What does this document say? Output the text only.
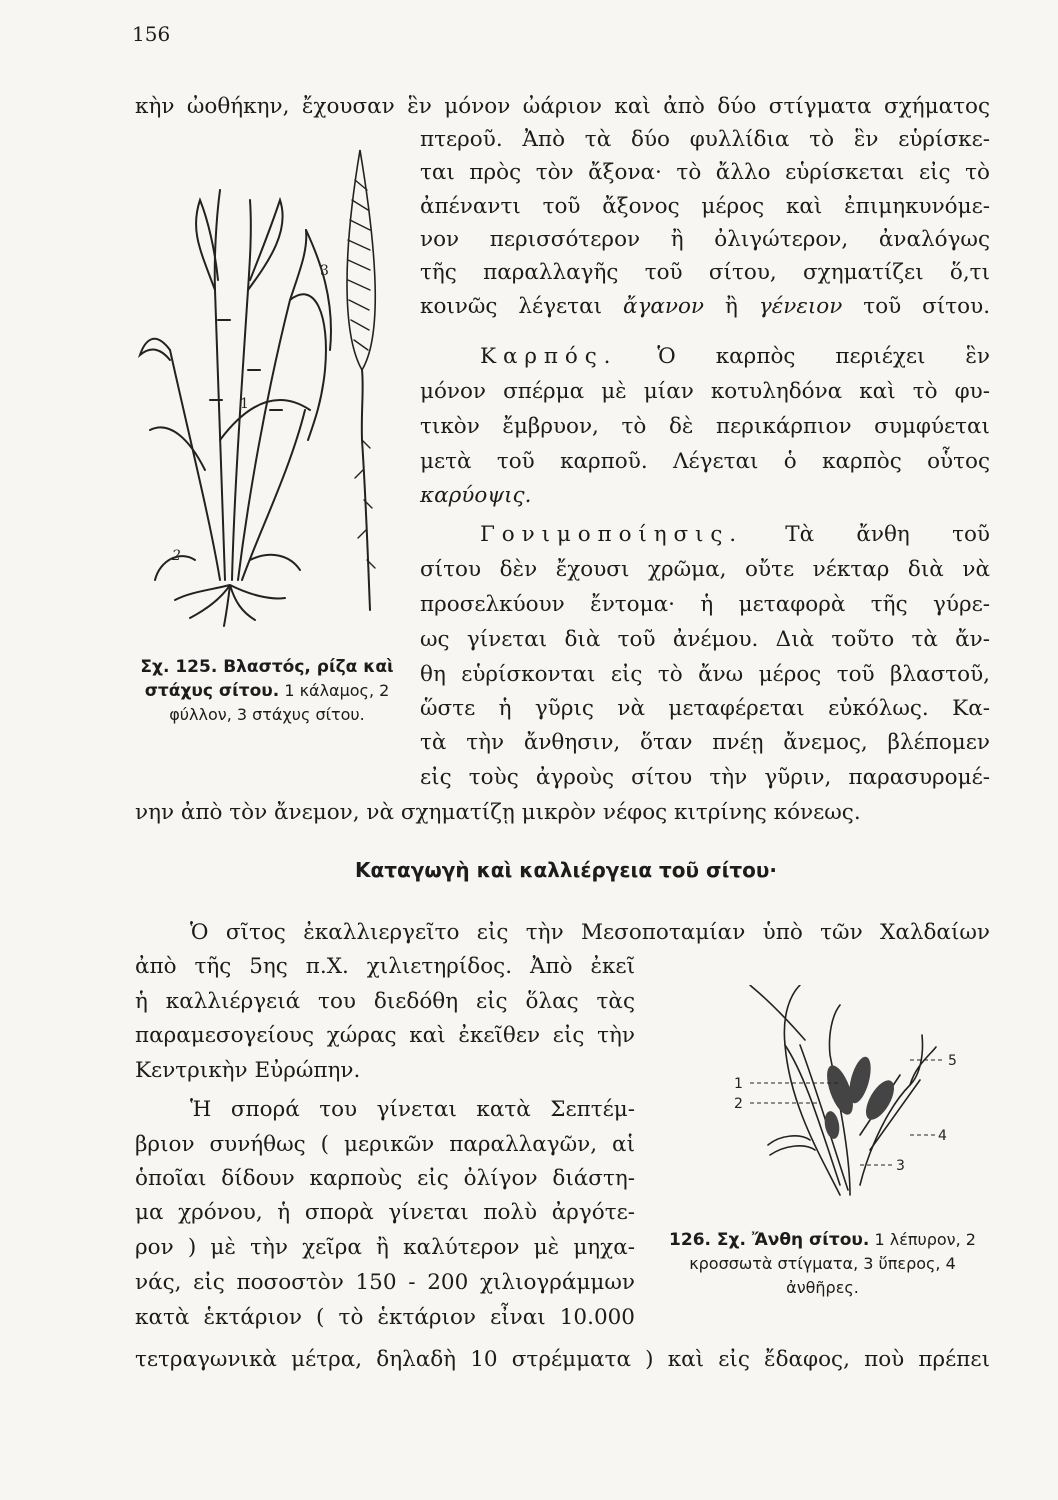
156
κὴν ὠοθήκην, ἔχουσαν ἓν μόνον ὠάριον καὶ ἀπὸ δύο στίγματα σχήματος
πτεροῦ. Ἀπὸ τὰ δύο φυλλίδια τὸ ἓν εὑρίσκε-
ται πρὸς τὸν ἄξονα· τὸ ἄλλο εὑρίσκεται εἰς τὸ
ἀπέναντι τοῦ ἄξονος μέρος καὶ ἐπιμηκυνόμε-
νον περισσότερον ἢ ὀλιγώτερον, ἀναλόγως
τῆς παραλλαγῆς τοῦ σίτου, σχηματίζει ὅ,τι
κοινῶς λέγεται ἄγανον ἢ γένειον τοῦ σίτου.
Καρπός. Ὁ καρπὸς περιέχει ἓν
μόνον σπέρμα μὲ μίαν κοτυληδόνα καὶ τὸ φυ-
τικὸν ἔμβρυον, τὸ δὲ περικάρπιον συμφύεται
μετὰ τοῦ καρποῦ. Λέγεται ὁ καρπὸς οὗτος
καρύοψις.
Γονιμοποίησις. Τὰ ἄνθη τοῦ
σίτου δὲν ἔχουσι χρῶμα, οὔτε νέκταρ διὰ νὰ
προσελκύουν ἔντομα· ἡ μεταφορὰ τῆς γύρε-
ως γίνεται διὰ τοῦ ἀνέμου. Διὰ τοῦτο τὰ ἄν-
θη εὑρίσκονται εἰς τὸ ἄνω μέρος τοῦ βλαστοῦ,
ὥστε ἡ γῦρις νὰ μεταφέρεται εὐκόλως. Κα-
τὰ τὴν ἄνθησιν, ὅταν πνέῃ ἄνεμος, βλέπομεν
εἰς τοὺς ἀγροὺς σίτου τὴν γῦριν, παρασυρομέ-
νην ἀπὸ τὸν ἄνεμον, νὰ σχηματίζῃ μικρὸν νέφος κιτρίνης κόνεως.
Καταγωγὴ καὶ καλλιέργεια τοῦ σίτου·
Ὁ σῖτος ἐκαλλιεργεῖτο εἰς τὴν Μεσοποταμίαν ὑπὸ τῶν Χαλδαίων
ἀπὸ τῆς 5ης π.Χ. χιλιετηρίδος. Ἀπὸ ἐκεῖ
ἡ καλλιέργειά του διεδόθη εἰς ὅλας τὰς
παραμεσογείους χώρας καὶ ἐκεῖθεν εἰς τὴν
Κεντρικὴν Εὐρώπην.
Ἡ σπορά του γίνεται κατὰ Σεπτέμ-
βριον συνήθως ( μερικῶν παραλλαγῶν, αἱ
ὁποῖαι δίδουν καρποὺς εἰς ὀλίγον διάστη-
μα χρόνου, ἡ σπορὰ γίνεται πολὺ ἀργότε-
ρον ) μὲ τὴν χεῖρα ἢ καλύτερον μὲ μηχα-
νάς, εἰς ποσοστὸν 150 - 200 χιλιογράμμων
κατὰ ἑκτάριον ( τὸ ἑκτάριον εἶναι 10.000
τετραγωνικὰ μέτρα, δηλαδὴ 10 στρέμματα ) καὶ εἰς ἔδαφος, ποὺ πρέπει
1
2
3
Σχ. 125. Βλαστός, ρίζα καὶ στάχυς σίτου. 1 κάλαμος, 2 φύλλον, 3 στάχυς σίτου.
1
2
3
4
5
126. Σχ. Ἄνθη σίτου. 1 λέπυρον, 2 κροσσωτὰ στίγματα, 3 ὕπερος, 4 ἀνθῆρες.
